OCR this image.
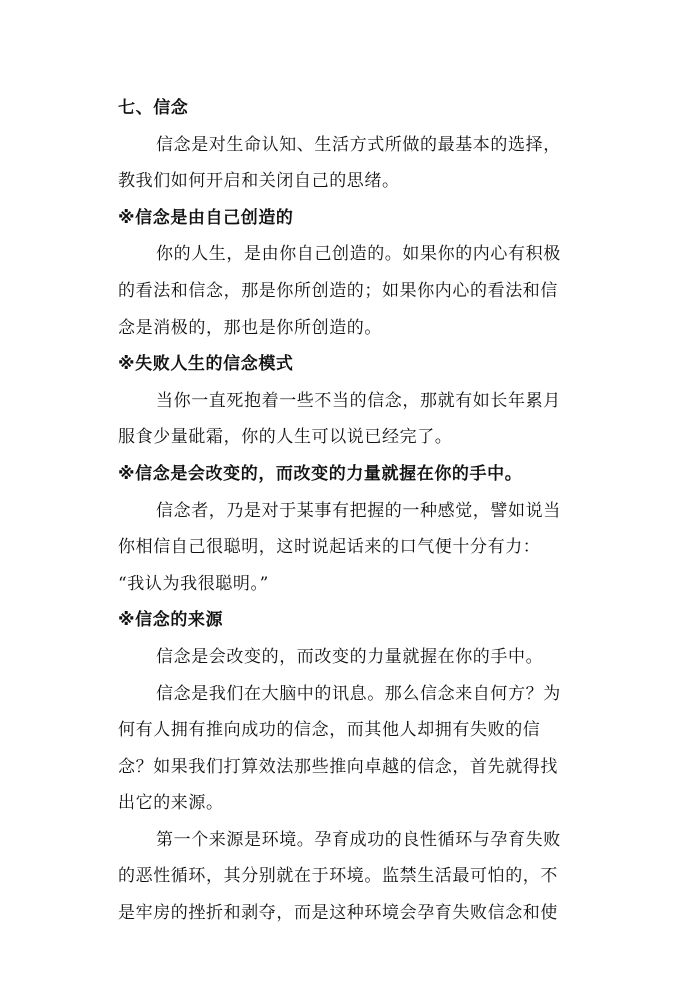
七、信念
信念是对生命认知、生活方式所做的最基本的选择，
教我们如何开启和关闭自己的思绪。
※信念是由自己创造的
你的人生，是由你自己创造的。如果你的内心有积极
的看法和信念，那是你所创造的；如果你内心的看法和信
念是消极的，那也是你所创造的。
※失败人生的信念模式
当你一直死抱着一些不当的信念，那就有如长年累月
服食少量砒霜，你的人生可以说已经完了。
※信念是会改变的，而改变的力量就握在你的手中。
信念者，乃是对于某事有把握的一种感觉，譬如说当
你相信自己很聪明，这时说起话来的口气便十分有力：
“我认为我很聪明。”
※信念的来源
信念是会改变的，而改变的力量就握在你的手中。
信念是我们在大脑中的讯息。那么信念来自何方？为
何有人拥有推向成功的信念，而其他人却拥有失败的信
念？如果我们打算效法那些推向卓越的信念，首先就得找
出它的来源。
第一个来源是环境。孕育成功的良性循环与孕育失败
的恶性循环，其分别就在于环境。监禁生活最可怕的，不
是牢房的挫折和剥夺，而是这种环境会孕育失败信念和使
